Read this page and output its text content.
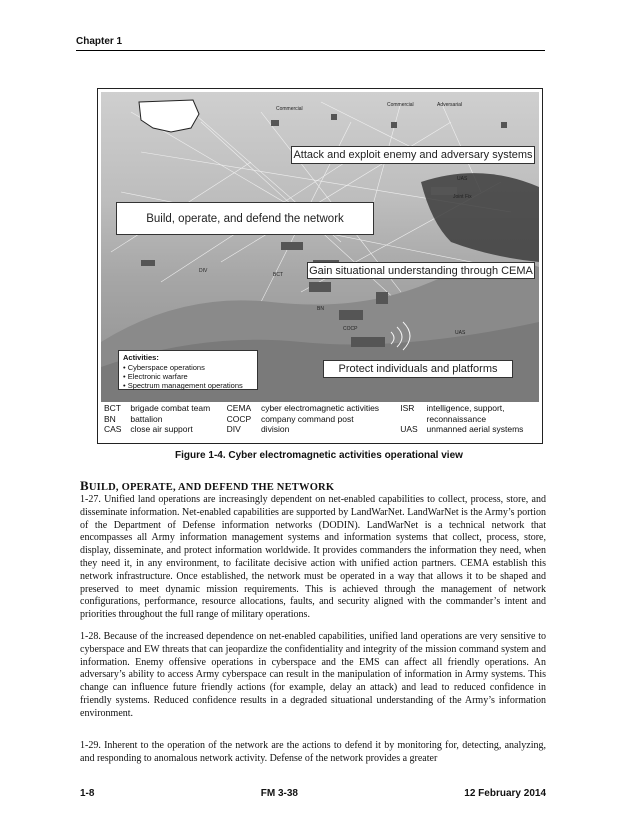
Chapter 1
Commercial
Commercial	Adversarial
Joint Fix
UAS
DIV
BCT
BN
COCP
UAS
Attack and exploit enemy and adversary systems
Build, operate, and defend the network
Gain situational understanding through CEMA
Protect individuals and platforms
Activities:
• Cyberspace operations
• Electronic warfare
• Spectrum management operations
BCT	brigade combat team	CEMA	cyber electromagnetic activities	ISR	intelligence, support,
BN	battalion	COCP	company command post		reconnaissance
CAS	close air support	DIV	division	UAS	unmanned aerial systems
Figure 1-4. Cyber electromagnetic activities operational view
BUILD, OPERATE, AND DEFEND THE NETWORK
1-27. Unified land operations are increasingly dependent on net-enabled capabilities to collect, process, store, and disseminate information. Net-enabled capabilities are supported by LandWarNet. LandWarNet is the Army’s portion of the Department of Defense information networks (DODIN). LandWarNet is a technical network that encompasses all Army information management systems and information systems that collect, process, store, display, disseminate, and protect information worldwide. It provides commanders the information they need, when they need it, in any environment, to facilitate decisive action with unified action partners. CEMA establish this network infrastructure. Once established, the network must be operated in a way that allows it to be shaped and preserved to meet dynamic mission requirements. This is achieved through the management of network configurations, performance, resource allocations, faults, and security aligned with the commander’s intent and priorities throughout the full range of military operations.
1-28. Because of the increased dependence on net-enabled capabilities, unified land operations are very sensitive to cyberspace and EW threats that can jeopardize the confidentiality and integrity of the mission command system and information. Enemy offensive operations in cyberspace and the EMS can affect all friendly operations. An adversary’s ability to access Army cyberspace can result in the manipulation of information in Army systems. This change can influence future friendly actions (for example, delay an attack) and lead to reduced confidence in friendly systems. Reduced confidence results in a degraded situational understanding of the Army’s information environment.
1-29. Inherent to the operation of the network are the actions to defend it by monitoring for, detecting, analyzing, and responding to anomalous network activity. Defense of the network provides a greater
1-8	FM 3-38	12 February 2014
